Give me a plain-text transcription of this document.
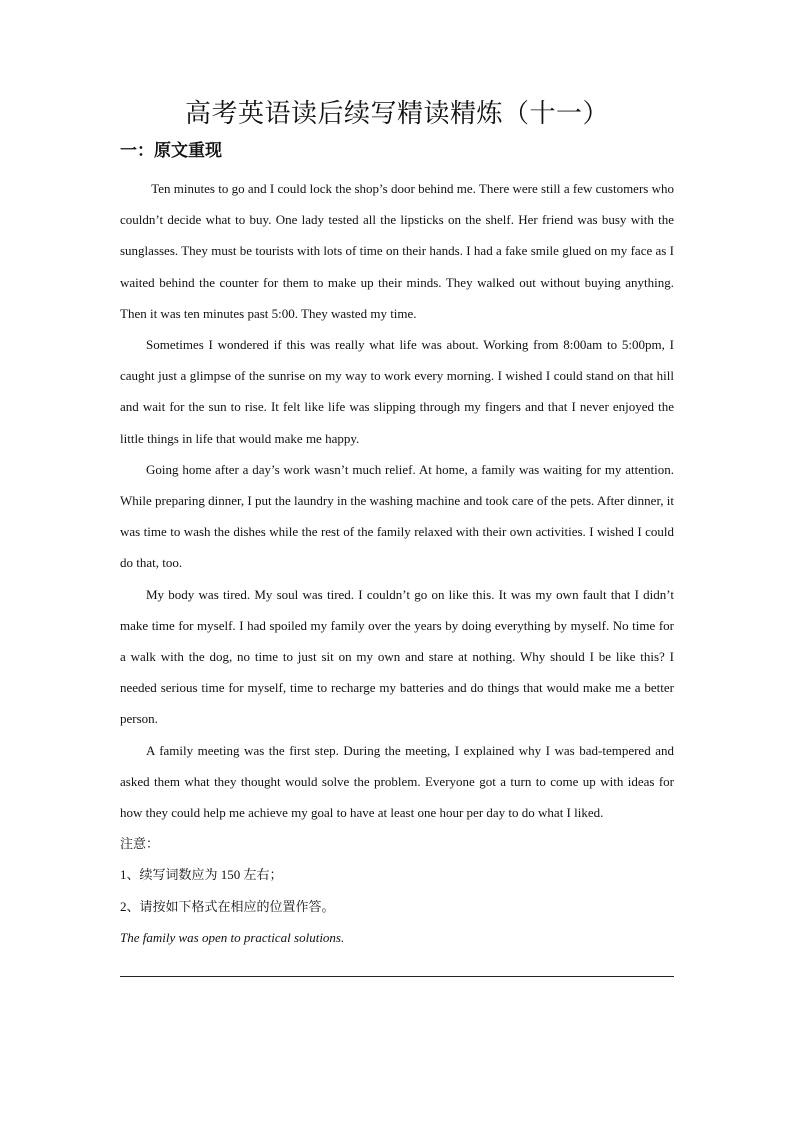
高考英语读后续写精读精炼（十一）
一：原文重现

Ten minutes to go and I could lock the shop’s door behind me. There were still a few customers who couldn’t decide what to buy. One lady tested all the lipsticks on the shelf. Her friend was busy with the sunglasses. They must be tourists with lots of time on their hands. I had a fake smile glued on my face as I waited behind the counter for them to make up their minds. They walked out without buying anything. Then it was ten minutes past 5:00. They wasted my time.

Sometimes I wondered if this was really what life was about. Working from 8:00am to 5:00pm, I caught just a glimpse of the sunrise on my way to work every morning. I wished I could stand on that hill and wait for the sun to rise. It felt like life was slipping through my fingers and that I never enjoyed the little things in life that would make me happy.

Going home after a day’s work wasn’t much relief. At home, a family was waiting for my attention. While preparing dinner, I put the laundry in the washing machine and took care of the pets. After dinner, it was time to wash the dishes while the rest of the family relaxed with their own activities. I wished I could do that, too.

My body was tired. My soul was tired. I couldn’t go on like this. It was my own fault that I didn’t make time for myself. I had spoiled my family over the years by doing everything by myself. No time for a walk with the dog, no time to just sit on my own and stare at nothing. Why should I be like this? I needed serious time for myself, time to recharge my batteries and do things that would make me a better person.

A family meeting was the first step. During the meeting, I explained why I was bad-tempered and asked them what they thought would solve the problem. Everyone got a turn to come up with ideas for how they could help me achieve my goal to have at least one hour per day to do what I liked.

注意：
1、续写词数应为 150 左右；
2、请按如下格式在相应的位置作答。
The family was open to practical solutions.
